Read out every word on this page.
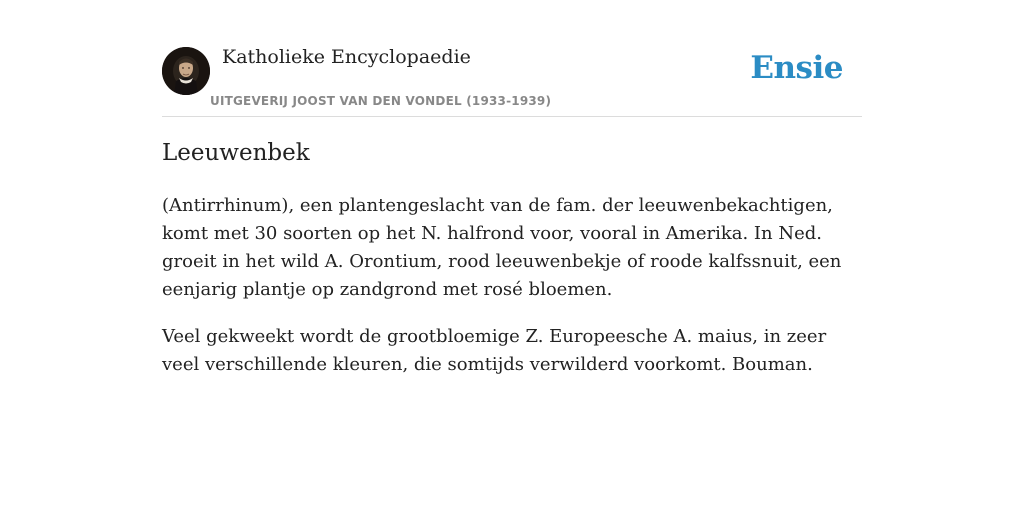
Katholieke Encyclopaedie
UITGEVERIJ JOOST VAN DEN VONDEL (1933-1939)
Ensie
Leeuwenbek

(Antirrhinum), een plantengeslacht van de fam. der leeuwenbekachtigen, komt met 30 soorten op het N. halfrond voor, vooral in Amerika. In Ned. groeit in het wild A. Orontium, rood leeuwenbekje of roode kalfssnuit, een eenjarig plantje op zandgrond met rosé bloemen.

Veel gekweekt wordt de grootbloemige Z. Europeesche A. maius, in zeer veel verschillende kleuren, die somtijds verwilderd voorkomt. Bouman.
